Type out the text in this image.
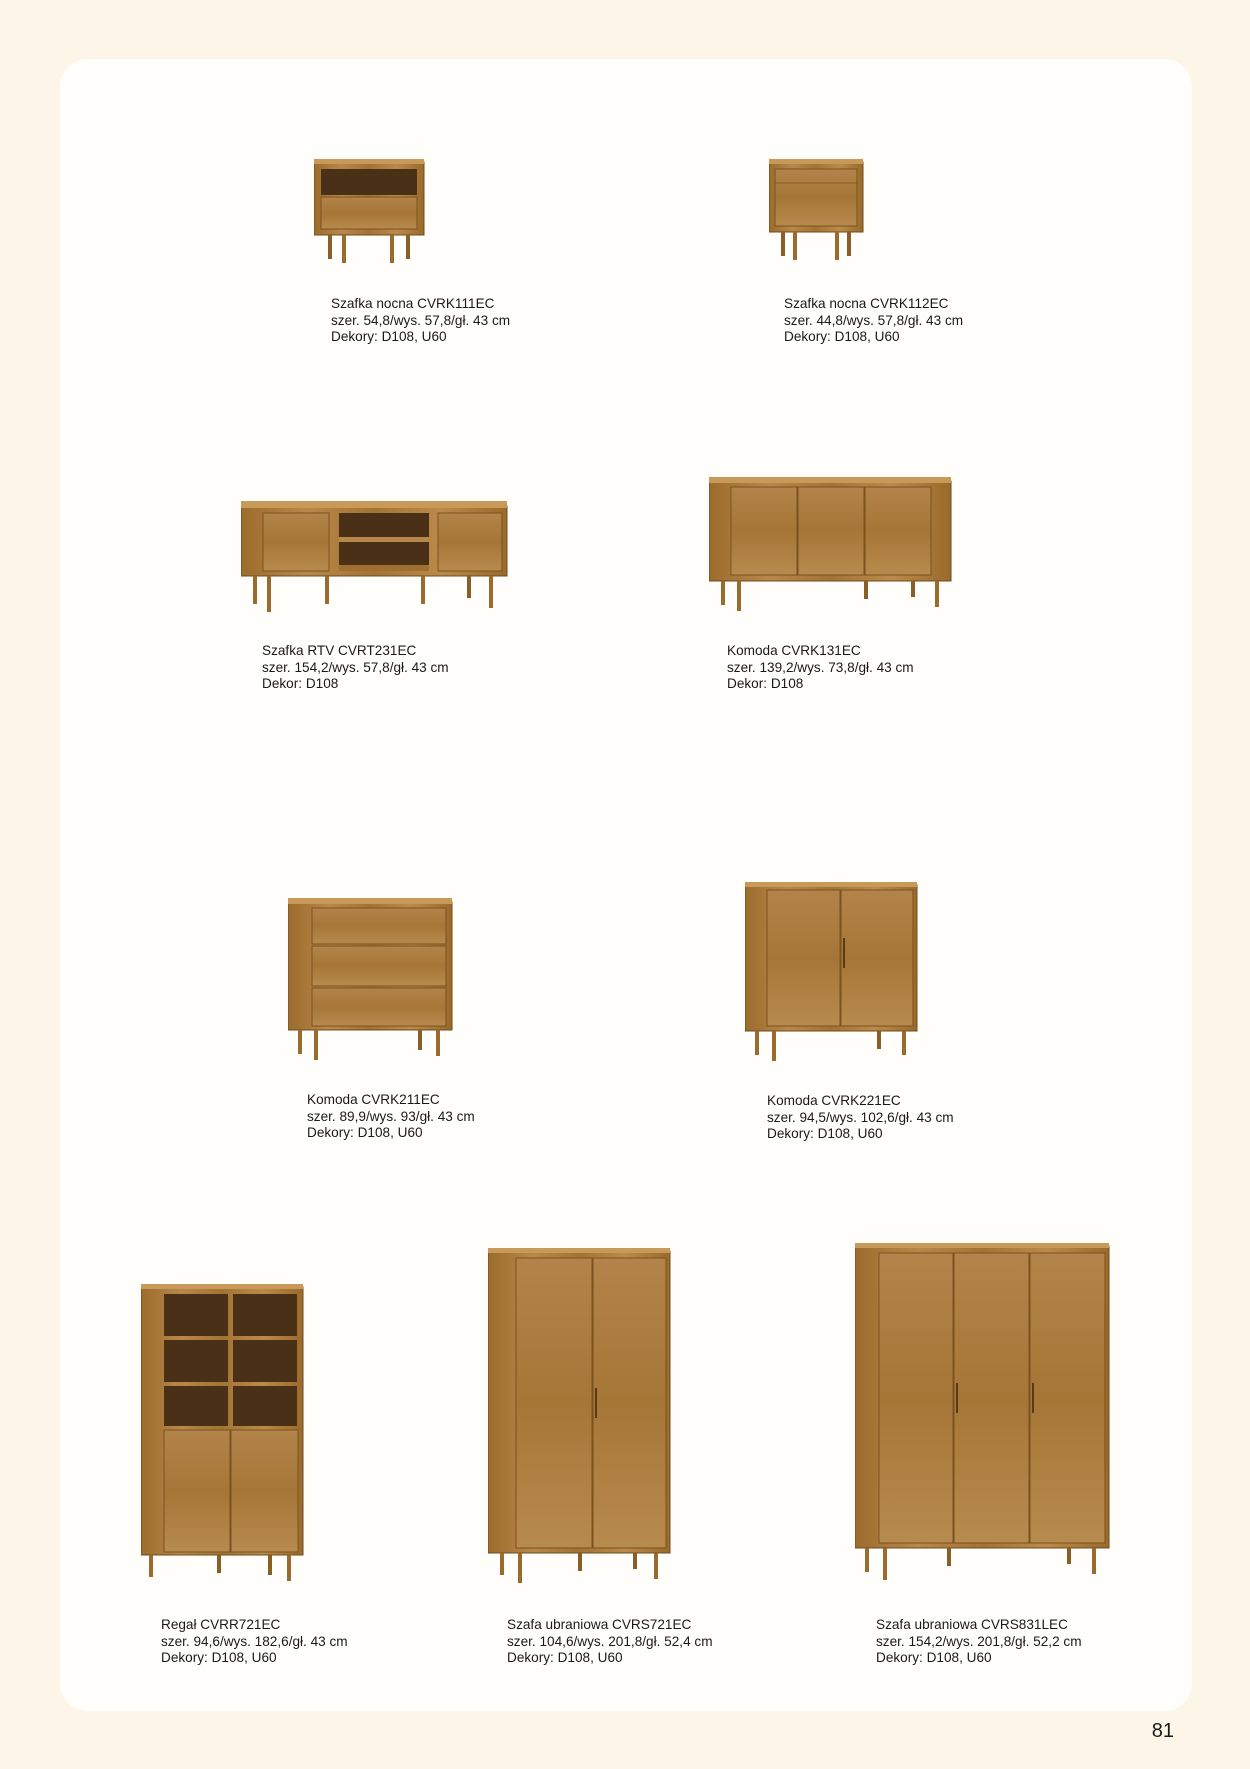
Szafka nocna CVRK111EC
szer. 54,8/wys. 57,8/gł. 43 cm
Dekory: D108, U60
Szafka nocna CVRK112EC
szer. 44,8/wys. 57,8/gł. 43 cm
Dekory: D108, U60
Szafka RTV CVRT231EC
szer. 154,2/wys. 57,8/gł. 43 cm
Dekor: D108
Komoda CVRK131EC
szer. 139,2/wys. 73,8/gł. 43 cm
Dekor: D108
Komoda CVRK211EC
szer. 89,9/wys. 93/gł. 43 cm
Dekory: D108, U60
Komoda CVRK221EC
szer. 94,5/wys. 102,6/gł. 43 cm
Dekory: D108, U60
Regał CVRR721EC
szer. 94,6/wys. 182,6/gł. 43 cm
Dekory: D108, U60
Szafa ubraniowa CVRS721EC
szer. 104,6/wys. 201,8/gł. 52,4 cm
Dekory: D108, U60
Szafa ubraniowa CVRS831LEC
szer. 154,2/wys. 201,8/gł. 52,2 cm
Dekory: D108, U60
81
